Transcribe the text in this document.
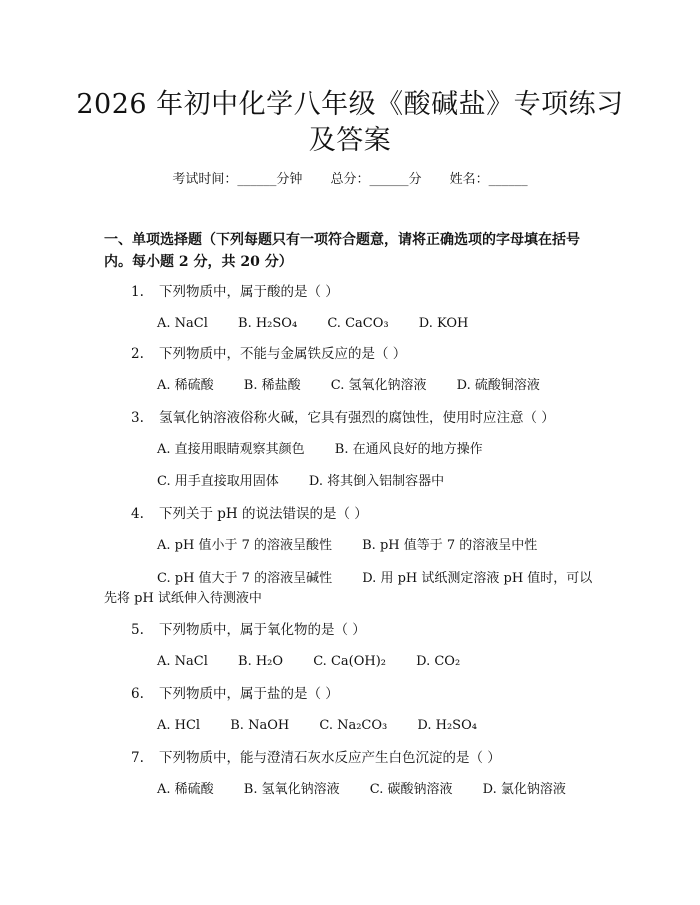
2026 年初中化学八年级《酸碱盐》专项练习
及答案
考试时间：______分钟 总分：______分 姓名：______
一、单项选择题（下列每题只有一项符合题意，请将正确选项的字母填在括号
内。每小题 2 分，共 20 分）
1. 下列物质中，属于酸的是（ ）
A. NaCl B. H₂SO₄ C. CaCO₃ D. KOH
2. 下列物质中，不能与金属铁反应的是（ ）
A. 稀硫酸 B. 稀盐酸 C. 氢氧化钠溶液 D. 硫酸铜溶液
3. 氢氧化钠溶液俗称火碱，它具有强烈的腐蚀性，使用时应注意（ ）
A. 直接用眼睛观察其颜色 B. 在通风良好的地方操作
C. 用手直接取用固体 D. 将其倒入铝制容器中
4. 下列关于 pH 的说法错误的是（ ）
A. pH 值小于 7 的溶液呈酸性 B. pH 值等于 7 的溶液呈中性
C. pH 值大于 7 的溶液呈碱性 D. 用 pH 试纸测定溶液 pH 值时，可以
先将 pH 试纸伸入待测液中
5. 下列物质中，属于氧化物的是（ ）
A. NaCl B. H₂O C. Ca(OH)₂ D. CO₂
6. 下列物质中，属于盐的是（ ）
A. HCl B. NaOH C. Na₂CO₃ D. H₂SO₄
7. 下列物质中，能与澄清石灰水反应产生白色沉淀的是（ ）
A. 稀硫酸 B. 氢氧化钠溶液 C. 碳酸钠溶液 D. 氯化钠溶液
